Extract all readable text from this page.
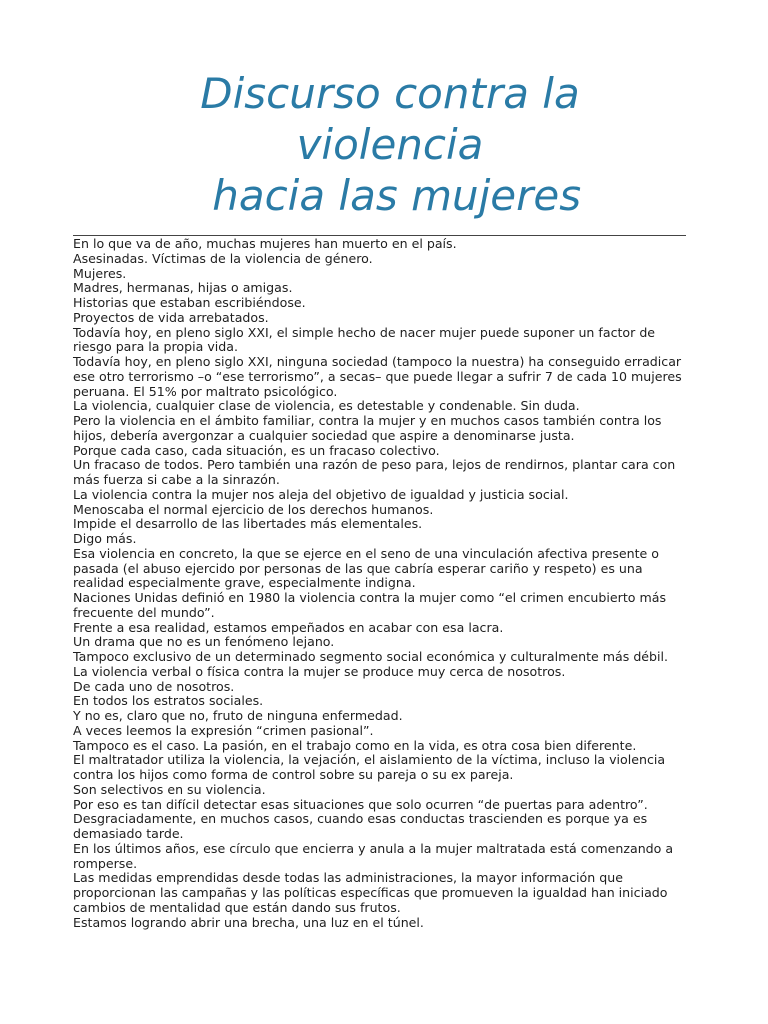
Discurso contra la
violencia
hacia las mujeres

En lo que va de año, muchas mujeres han muerto en el país.

Asesinadas. Víctimas de la violencia de género.

Mujeres.

Madres, hermanas, hijas o amigas.

Historias que estaban escribiéndose.

Proyectos de vida arrebatados.

Todavía hoy, en pleno siglo XXI, el simple hecho de nacer mujer puede suponer un factor de riesgo para la propia vida.

Todavía hoy, en pleno siglo XXI, ninguna sociedad (tampoco la nuestra) ha conseguido erradicar ese otro terrorismo –o “ese terrorismo”, a secas– que puede llegar a sufrir 7 de cada 10 mujeres peruana. El 51% por maltrato psicológico.

La violencia, cualquier clase de violencia, es detestable y condenable. Sin duda.

Pero la violencia en el ámbito familiar, contra la mujer y en muchos casos también contra los hijos, debería avergonzar a cualquier sociedad que aspire a denominarse justa.

Porque cada caso, cada situación, es un fracaso colectivo.

Un fracaso de todos. Pero también una razón de peso para, lejos de rendirnos, plantar cara con más fuerza si cabe a la sinrazón.

La violencia contra la mujer nos aleja del objetivo de igualdad y justicia social.

Menoscaba el normal ejercicio de los derechos humanos.

Impide el desarrollo de las libertades más elementales.

Digo más.

Esa violencia en concreto, la que se ejerce en el seno de una vinculación afectiva presente o pasada (el abuso ejercido por personas de las que cabría esperar cariño y respeto) es una realidad especialmente grave, especialmente indigna.

Naciones Unidas definió en 1980 la violencia contra la mujer como “el crimen encubierto más frecuente del mundo”.

Frente a esa realidad, estamos empeñados en acabar con esa lacra.

Un drama que no es un fenómeno lejano.

Tampoco exclusivo de un determinado segmento social económica y culturalmente más débil.

La violencia verbal o física contra la mujer se produce muy cerca de nosotros.

De cada uno de nosotros.

En todos los estratos sociales.

Y no es, claro que no, fruto de ninguna enfermedad.

A veces leemos la expresión “crimen pasional”.

Tampoco es el caso. La pasión, en el trabajo como en la vida, es otra cosa bien diferente.

El maltratador utiliza la violencia, la vejación, el aislamiento de la víctima, incluso la violencia contra los hijos como forma de control sobre su pareja o su ex pareja.

Son selectivos en su violencia.

Por eso es tan difícil detectar esas situaciones que solo ocurren “de puertas para adentro”.

Desgraciadamente, en muchos casos, cuando esas conductas trascienden es porque ya es demasiado tarde.

En los últimos años, ese círculo que encierra y anula a la mujer maltratada está comenzando a romperse.

Las medidas emprendidas desde todas las administraciones, la mayor información que proporcionan las campañas y las políticas específicas que promueven la igualdad han iniciado cambios de mentalidad que están dando sus frutos.

Estamos logrando abrir una brecha, una luz en el túnel.
